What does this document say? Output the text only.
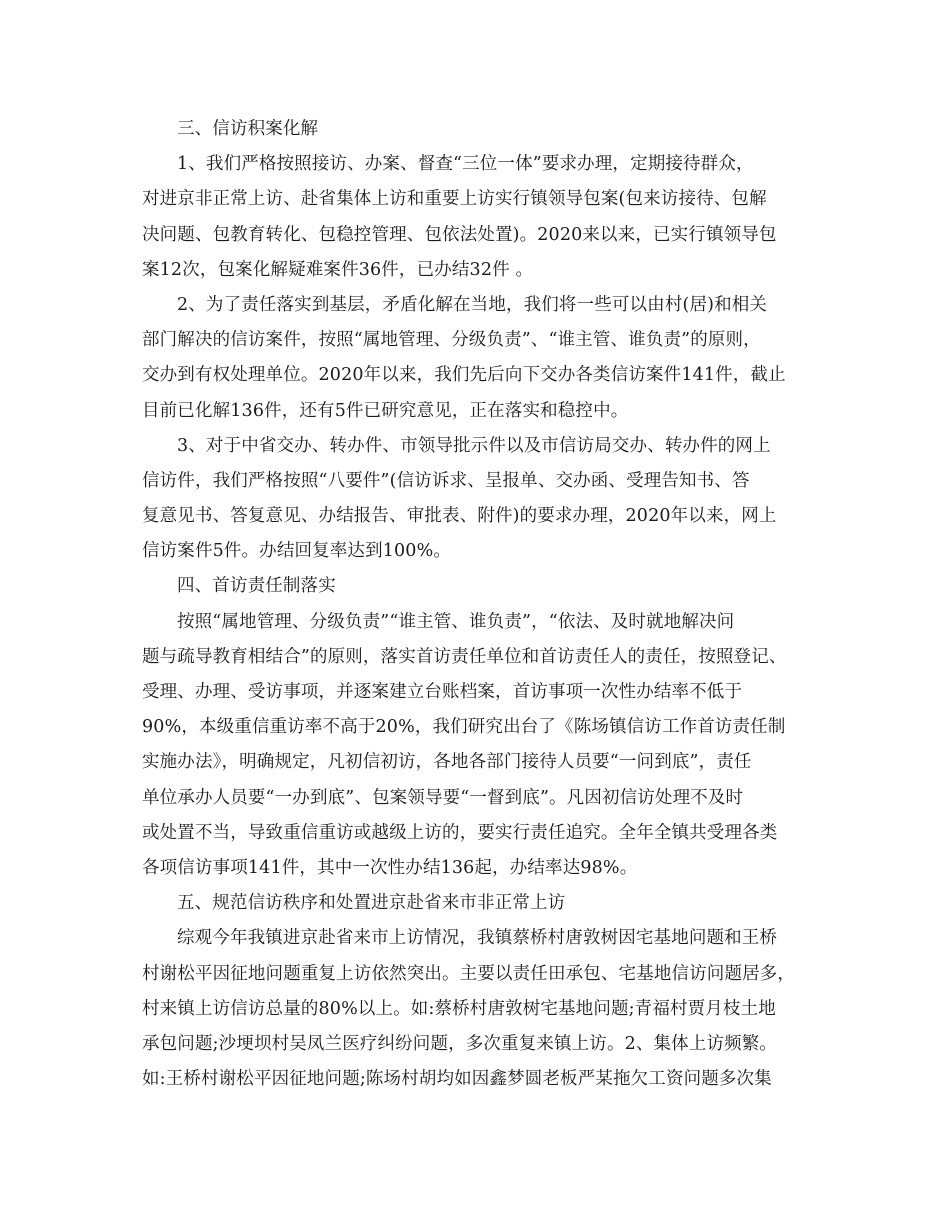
三、信访积案化解
1、我们严格按照接访、办案、督查“三位一体”要求办理，定期接待群众，
对进京非正常上访、赴省集体上访和重要上访实行镇领导包案(包来访接待、包解
决问题、包教育转化、包稳控管理、包依法处置)。2020来以来，已实行镇领导包
案12次，包案化解疑难案件36件，已办结32件 。
2、为了责任落实到基层，矛盾化解在当地，我们将一些可以由村(居)和相关
部门解决的信访案件，按照“属地管理、分级负责”、“谁主管、谁负责”的原则，
交办到有权处理单位。2020年以来，我们先后向下交办各类信访案件141件，截止
目前已化解136件，还有5件已研究意见，正在落实和稳控中。
3、对于中省交办、转办件、市领导批示件以及市信访局交办、转办件的网上
信访件，我们严格按照“八要件”(信访诉求、呈报单、交办函、受理告知书、答
复意见书、答复意见、办结报告、审批表、附件)的要求办理，2020年以来，网上
信访案件5件。办结回复率达到100%。
四、首访责任制落实
按照“属地管理、分级负责”“谁主管、谁负责”，“依法、及时就地解决问
题与疏导教育相结合”的原则，落实首访责任单位和首访责任人的责任，按照登记、
受理、办理、受访事项，并逐案建立台账档案，首访事项一次性办结率不低于
90%，本级重信重访率不高于20%，我们研究出台了《陈场镇信访工作首访责任制
实施办法》，明确规定，凡初信初访，各地各部门接待人员要“一问到底”，责任
单位承办人员要“一办到底”、包案领导要“一督到底”。凡因初信访处理不及时
或处置不当，导致重信重访或越级上访的，要实行责任追究。全年全镇共受理各类
各项信访事项141件，其中一次性办结136起，办结率达98%。
五、规范信访秩序和处置进京赴省来市非正常上访
综观今年我镇进京赴省来市上访情况，我镇蔡桥村唐敦树因宅基地问题和王桥
村谢松平因征地问题重复上访依然突出。主要以责任田承包、宅基地信访问题居多，
村来镇上访信访总量的80%以上。如:蔡桥村唐敦树宅基地问题;青福村贾月枝土地
承包问题;沙埂坝村吴凤兰医疗纠纷问题，多次重复来镇上访。2、集体上访频繁。
如:王桥村谢松平因征地问题;陈场村胡均如因鑫梦圆老板严某拖欠工资问题多次集
